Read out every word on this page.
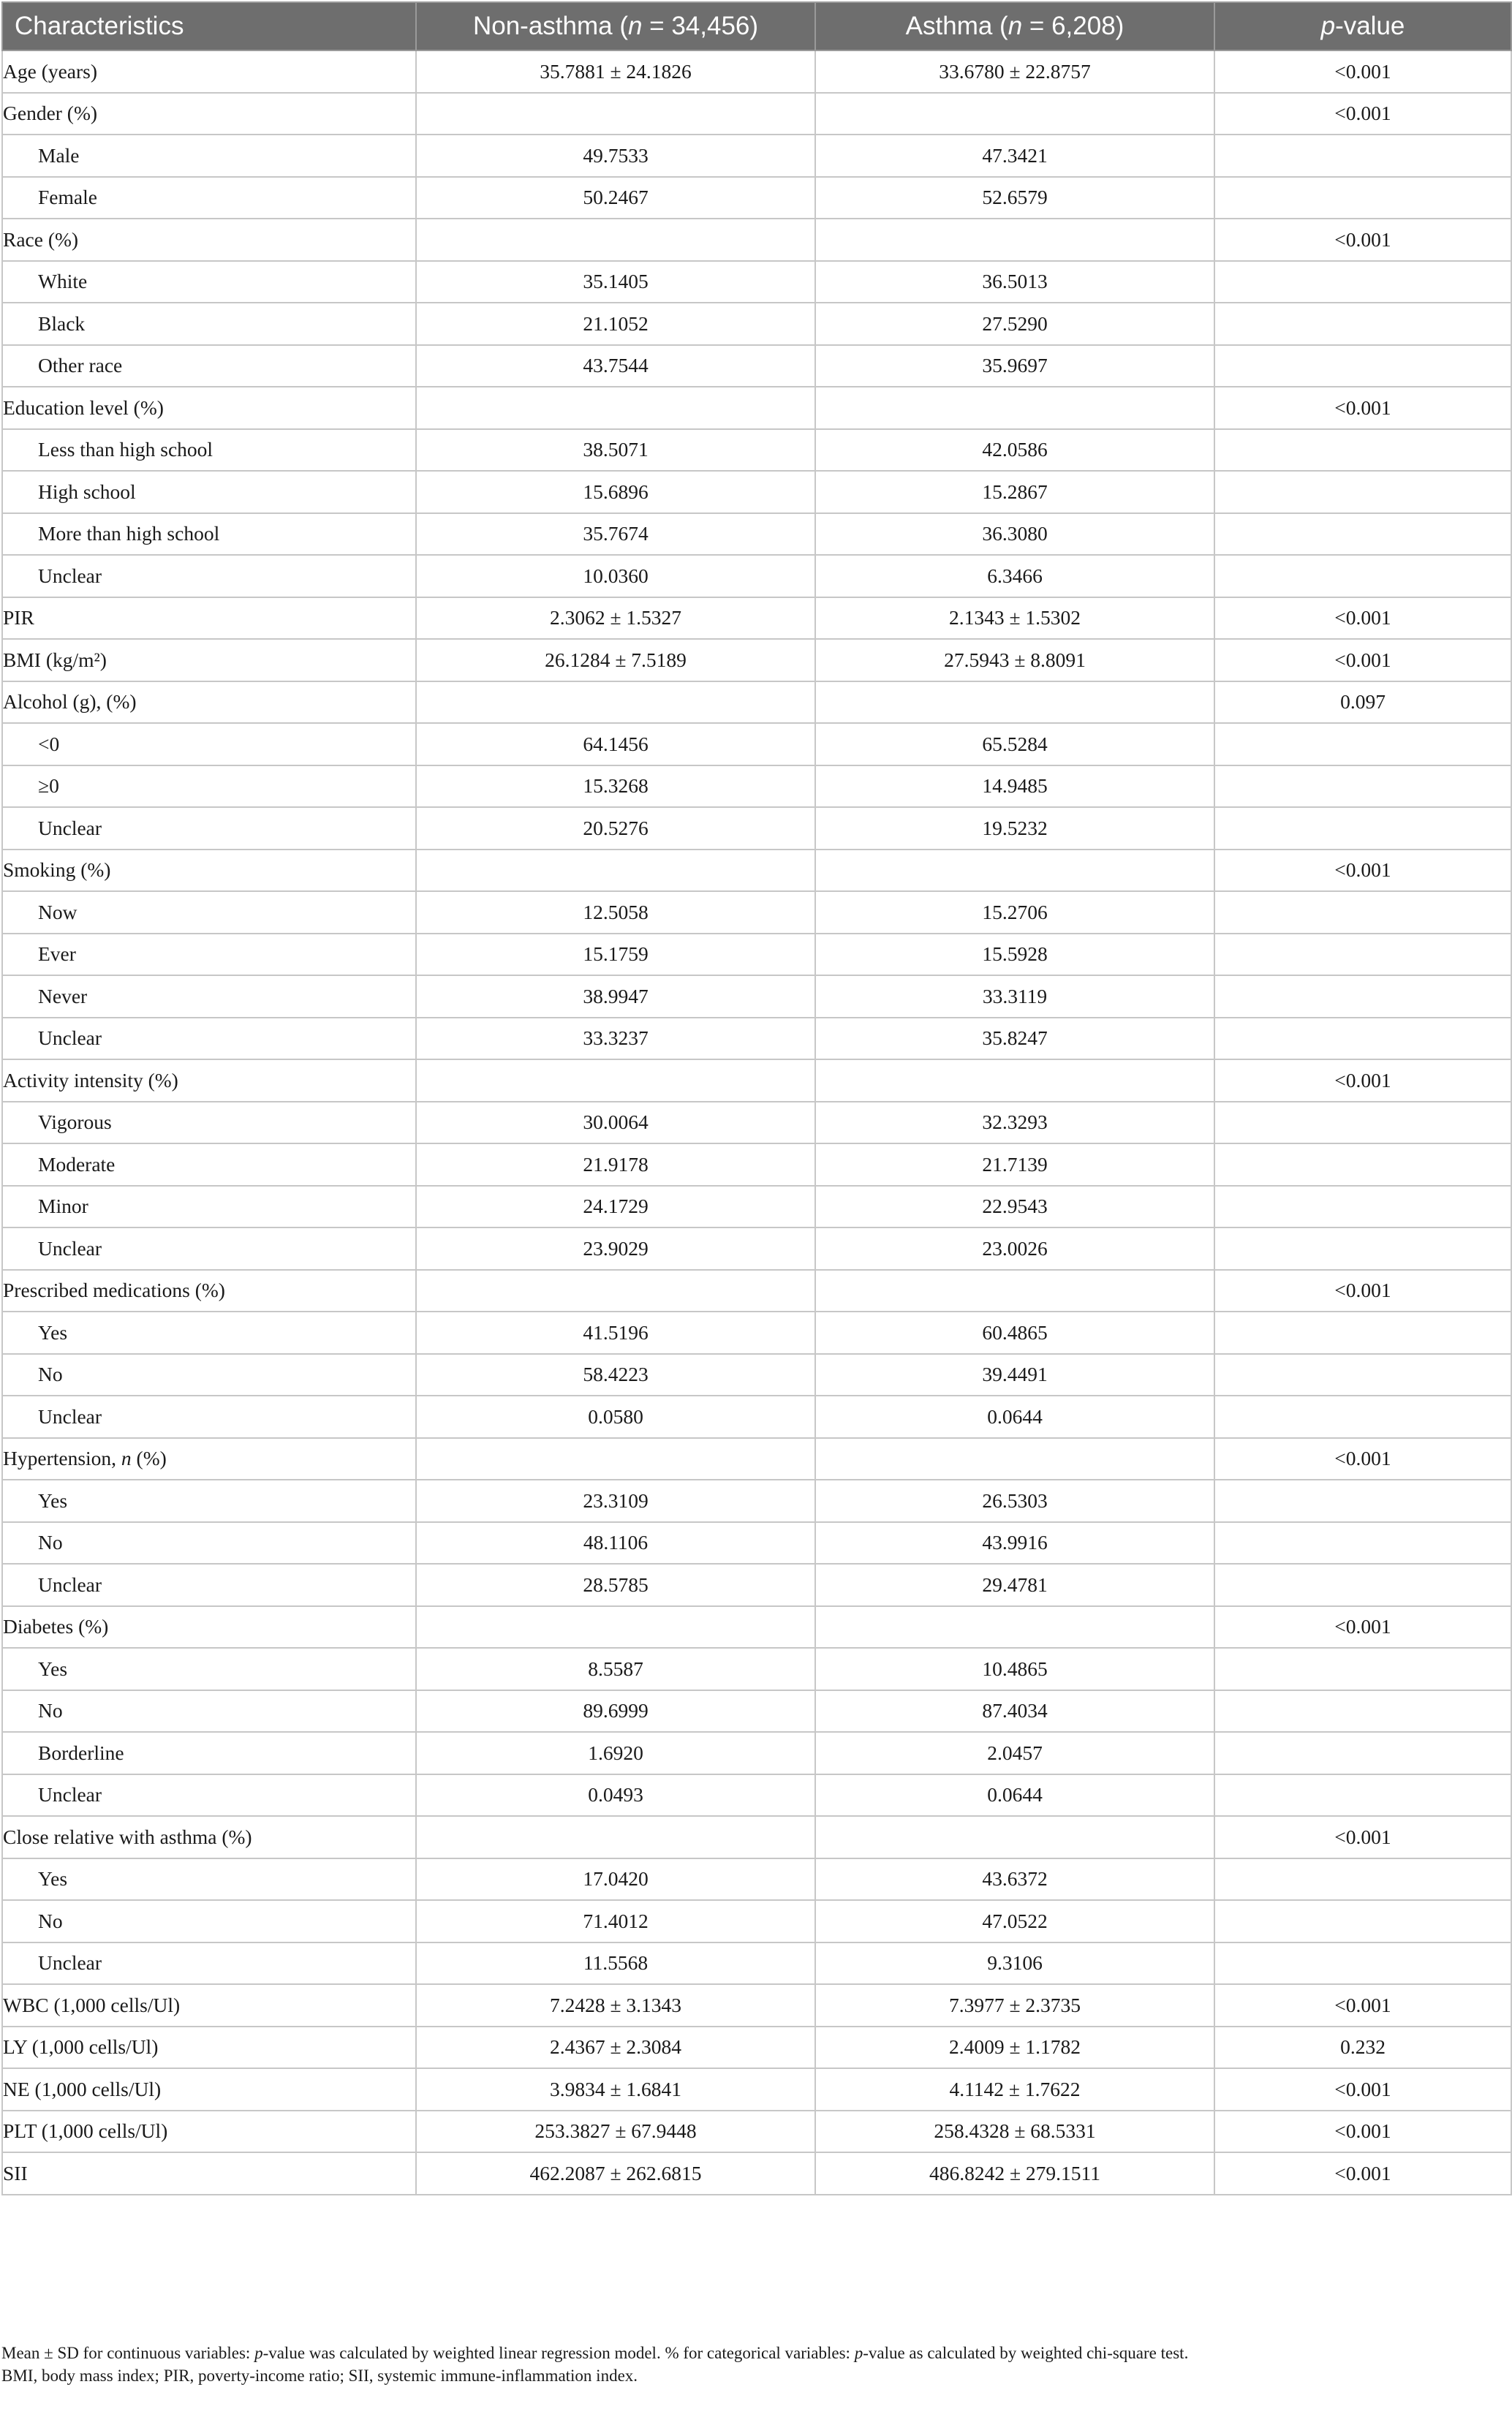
Characteristics	Non-asthma (n = 34,456)	Asthma (n = 6,208)	p-value
Age (years)	35.7881 ± 24.1826	33.6780 ± 22.8757	<0.001
Gender (%)			<0.001
Male	49.7533	47.3421	
Female	50.2467	52.6579	
Race (%)			<0.001
White	35.1405	36.5013	
Black	21.1052	27.5290	
Other race	43.7544	35.9697	
Education level (%)			<0.001
Less than high school	38.5071	42.0586	
High school	15.6896	15.2867	
More than high school	35.7674	36.3080	
Unclear	10.0360	6.3466	
PIR	2.3062 ± 1.5327	2.1343 ± 1.5302	<0.001
BMI (kg/m²)	26.1284 ± 7.5189	27.5943 ± 8.8091	<0.001
Alcohol (g), (%)			0.097
<0	64.1456	65.5284	
≥0	15.3268	14.9485	
Unclear	20.5276	19.5232	
Smoking (%)			<0.001
Now	12.5058	15.2706	
Ever	15.1759	15.5928	
Never	38.9947	33.3119	
Unclear	33.3237	35.8247	
Activity intensity (%)			<0.001
Vigorous	30.0064	32.3293	
Moderate	21.9178	21.7139	
Minor	24.1729	22.9543	
Unclear	23.9029	23.0026	
Prescribed medications (%)			<0.001
Yes	41.5196	60.4865	
No	58.4223	39.4491	
Unclear	0.0580	0.0644	
Hypertension, n (%)			<0.001
Yes	23.3109	26.5303	
No	48.1106	43.9916	
Unclear	28.5785	29.4781	
Diabetes (%)			<0.001
Yes	8.5587	10.4865	
No	89.6999	87.4034	
Borderline	1.6920	2.0457	
Unclear	0.0493	0.0644	
Close relative with asthma (%)			<0.001
Yes	17.0420	43.6372	
No	71.4012	47.0522	
Unclear	11.5568	9.3106	
WBC (1,000 cells/Ul)	7.2428 ± 3.1343	7.3977 ± 2.3735	<0.001
LY (1,000 cells/Ul)	2.4367 ± 2.3084	2.4009 ± 1.1782	0.232
NE (1,000 cells/Ul)	3.9834 ± 1.6841	4.1142 ± 1.7622	<0.001
PLT (1,000 cells/Ul)	253.3827 ± 67.9448	258.4328 ± 68.5331	<0.001
SII	462.2087 ± 262.6815	486.8242 ± 279.1511	<0.001

Mean ± SD for continuous variables: p-value was calculated by weighted linear regression model. % for categorical variables: p-value as calculated by weighted chi-square test.

BMI, body mass index; PIR, poverty-income ratio; SII, systemic immune-inflammation index.
